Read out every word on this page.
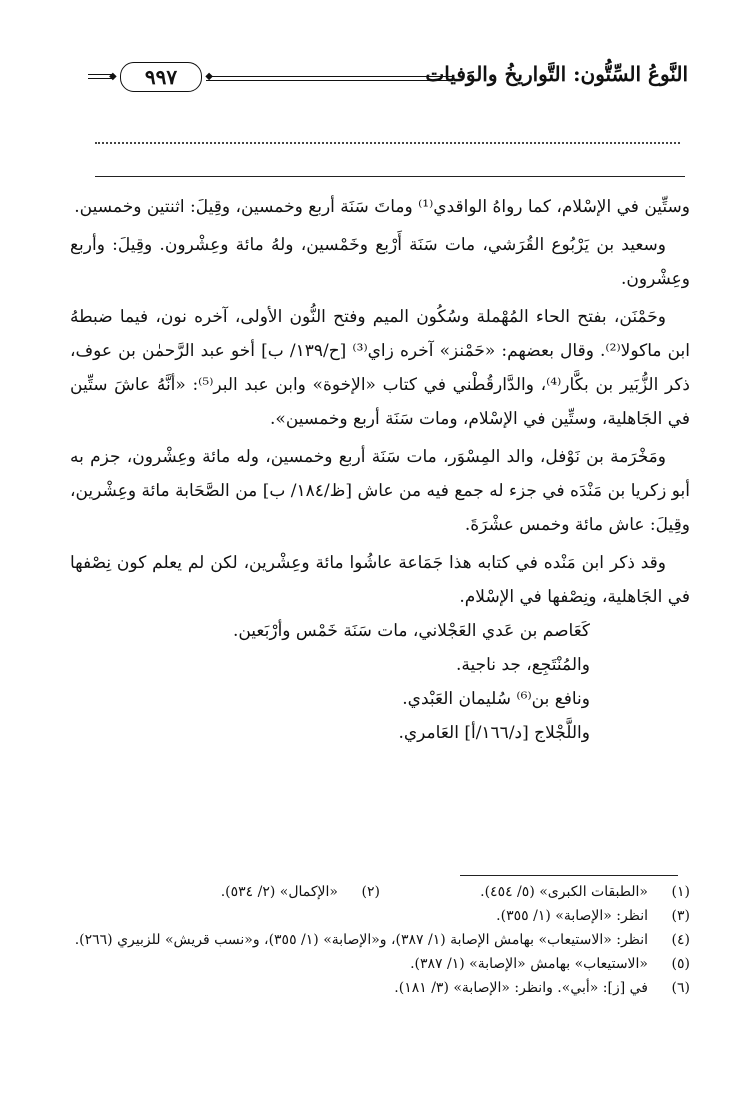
النَّوعُ السِّتُّون: التَّواريخُ والوَفيات
◆ ٩٩٧ ◆

وستِّين في الإسْلام، كما رواهُ الواقدي⁽¹⁾ وماتَ سَنَة أربع وخمسين، وقِيلَ: اثنتين وخمسين.

وسعيد بن يَرْبُوع القُرَشي، مات سَنَة أَرْبع وخَمْسين، ولهُ مائة وعِشْرون. وقِيلَ: وأربع وعِشْرون.

وحَمْنَن، بفتح الحاء المُهْملة وسُكُون الميم وفتح النُّون الأولى، آخره نون، فيما ضبطهُ ابن ماكولا⁽²⁾. وقال بعضهم: «حَمْنز» آخره زاي⁽³⁾ [ح/١٣٩/ ب] أخو عبد الرَّحمٰن بن عوف، ذكر الزُّبَير بن بكَّار⁽⁴⁾، والدَّارقُطْني في كتاب «الإخوة» وابن عبد البر⁽⁵⁾: «أنَّهُ عاشَ ستِّين في الجَاهلية، وستِّين في الإسْلام، ومات سَنَة أربع وخمسين».

ومَخْرَمة بن نَوْفل، والد المِسْوَر، مات سَنَة أربع وخمسين، وله مائة وعِشْرون، جزم به أبو زكريا بن مَنْدَه في جزء له جمع فيه من عاش [ظ/١٨٤/ ب] من الصَّحَابة مائة وعِشْرين، وقِيلَ: عاش مائة وخمس عشْرَةَ.

وقد ذكر ابن مَنْده في كتابه هذا جَمَاعة عاشُوا مائة وعِشْرين، لكن لم يعلم كون نِصْفها في الجَاهلية، ونِصْفها في الإسْلام.

كَعَاصم بن عَدي العَجْلاني، مات سَنَة خَمْس وأرْبَعين.

والمُنْتَجِع، جد ناجية.

ونافع بن⁽⁶⁾ سُليمان العَبْدي.

واللَّجْلاج [د/١٦٦/أ] العَامري.

(١)
«الطبقات الكبرى» (٥/ ٤٥٤).
(٢)
«الإكمال» (٢/ ٥٣٤).
(٣)
انظر: «الإصابة» (١/ ٣٥٥).
(٤)
انظر: «الاستيعاب» بهامش الإصابة (١/ ٣٨٧)، و«الإصابة» (١/ ٣٥٥)، و«نسب قريش» للزبيري (٢٦٦).
(٥)
«الاستيعاب» بهامش «الإصابة» (١/ ٣٨٧).
(٦)
في [ز]: «أبي». وانظر: «الإصابة» (٣/ ١٨١).
